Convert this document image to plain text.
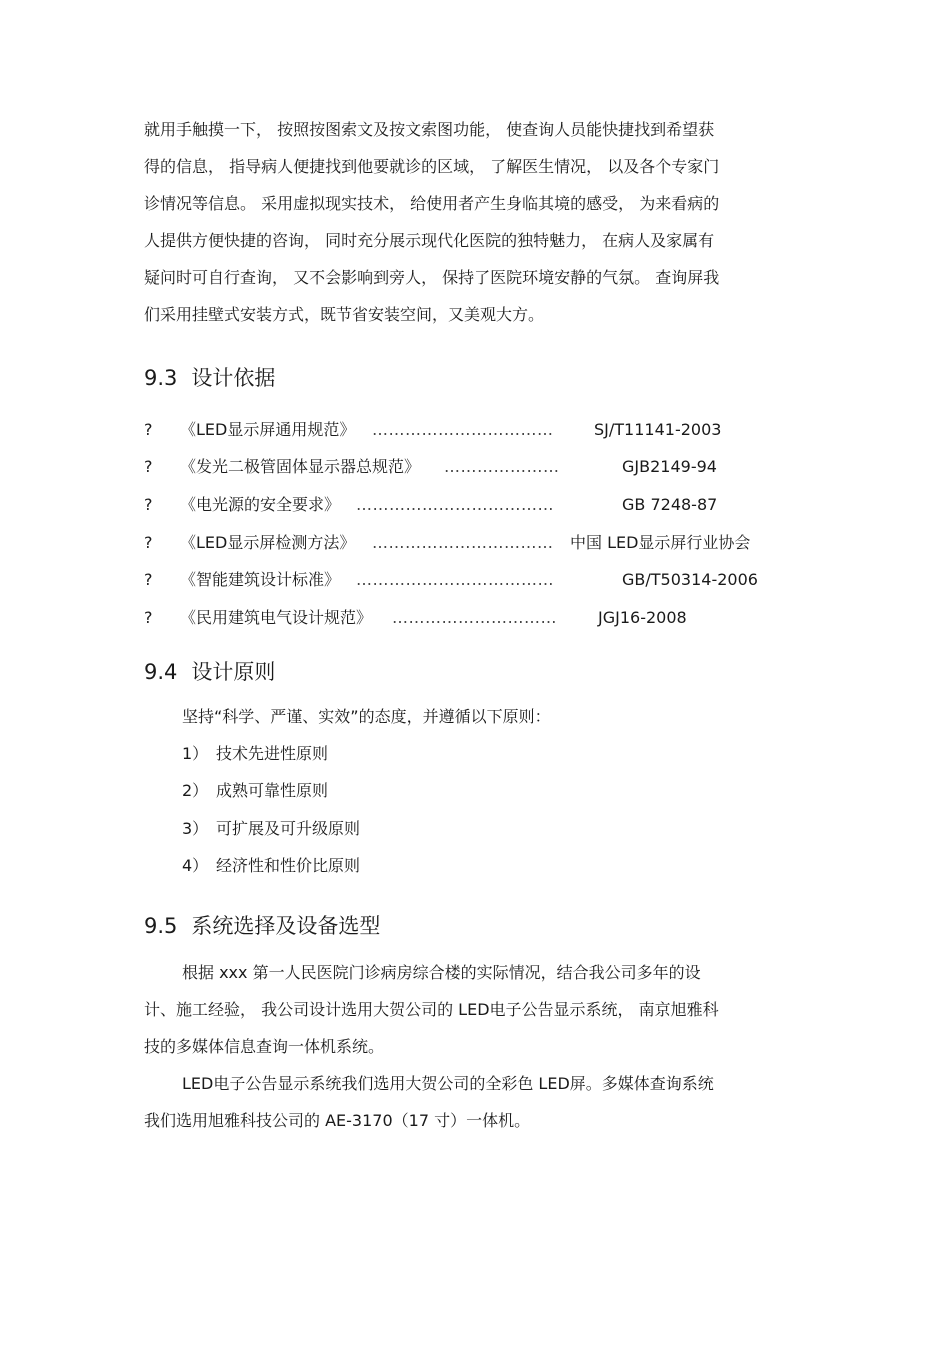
就用手触摸一下， 按照按图索文及按文索图功能， 使查询人员能快捷找到希望获
得的信息， 指导病人便捷找到他要就诊的区域， 了解医生情况， 以及各个专家门
诊情况等信息。 采用虚拟现实技术， 给使用者产生身临其境的感受， 为来看病的
人提供方便快捷的咨询， 同时充分展示现代化医院的独特魅力， 在病人及家属有
疑问时可自行查询， 又不会影响到旁人， 保持了医院环境安静的气氛。 查询屏我
们采用挂壁式安装方式，既节省安装空间，又美观大方。
9.3 设计依据
? 《LED显示屏通用规范》 ……………………………	SJ/T11141-2003
? 《发光二极管固体显示器总规范》 …………………	GJB2149-94
? 《电光源的安全要求》 ………………………………	GB 7248-87
? 《LED显示屏检测方法》 ……………………………	中国 LED显示屏行业协会
? 《智能建筑设计标准》 ………………………………	GB/T50314-2006
? 《民用建筑电气设计规范》 …………………………	JGJ16-2008
9.4 设计原则
坚持“科学、严谨、实效”的态度，并遵循以下原则：
1） 技术先进性原则
2） 成熟可靠性原则
3） 可扩展及可升级原则
4） 经济性和性价比原则
9.5 系统选择及设备选型
根据 xxx 第一人民医院门诊病房综合楼的实际情况，结合我公司多年的设
计、施工经验， 我公司设计选用大贺公司的 LED电子公告显示系统， 南京旭雅科
技的多媒体信息查询一体机系统。
LED电子公告显示系统我们选用大贺公司的全彩色 LED屏。多媒体查询系统
我们选用旭雅科技公司的 AE-3170（17 寸）一体机。
